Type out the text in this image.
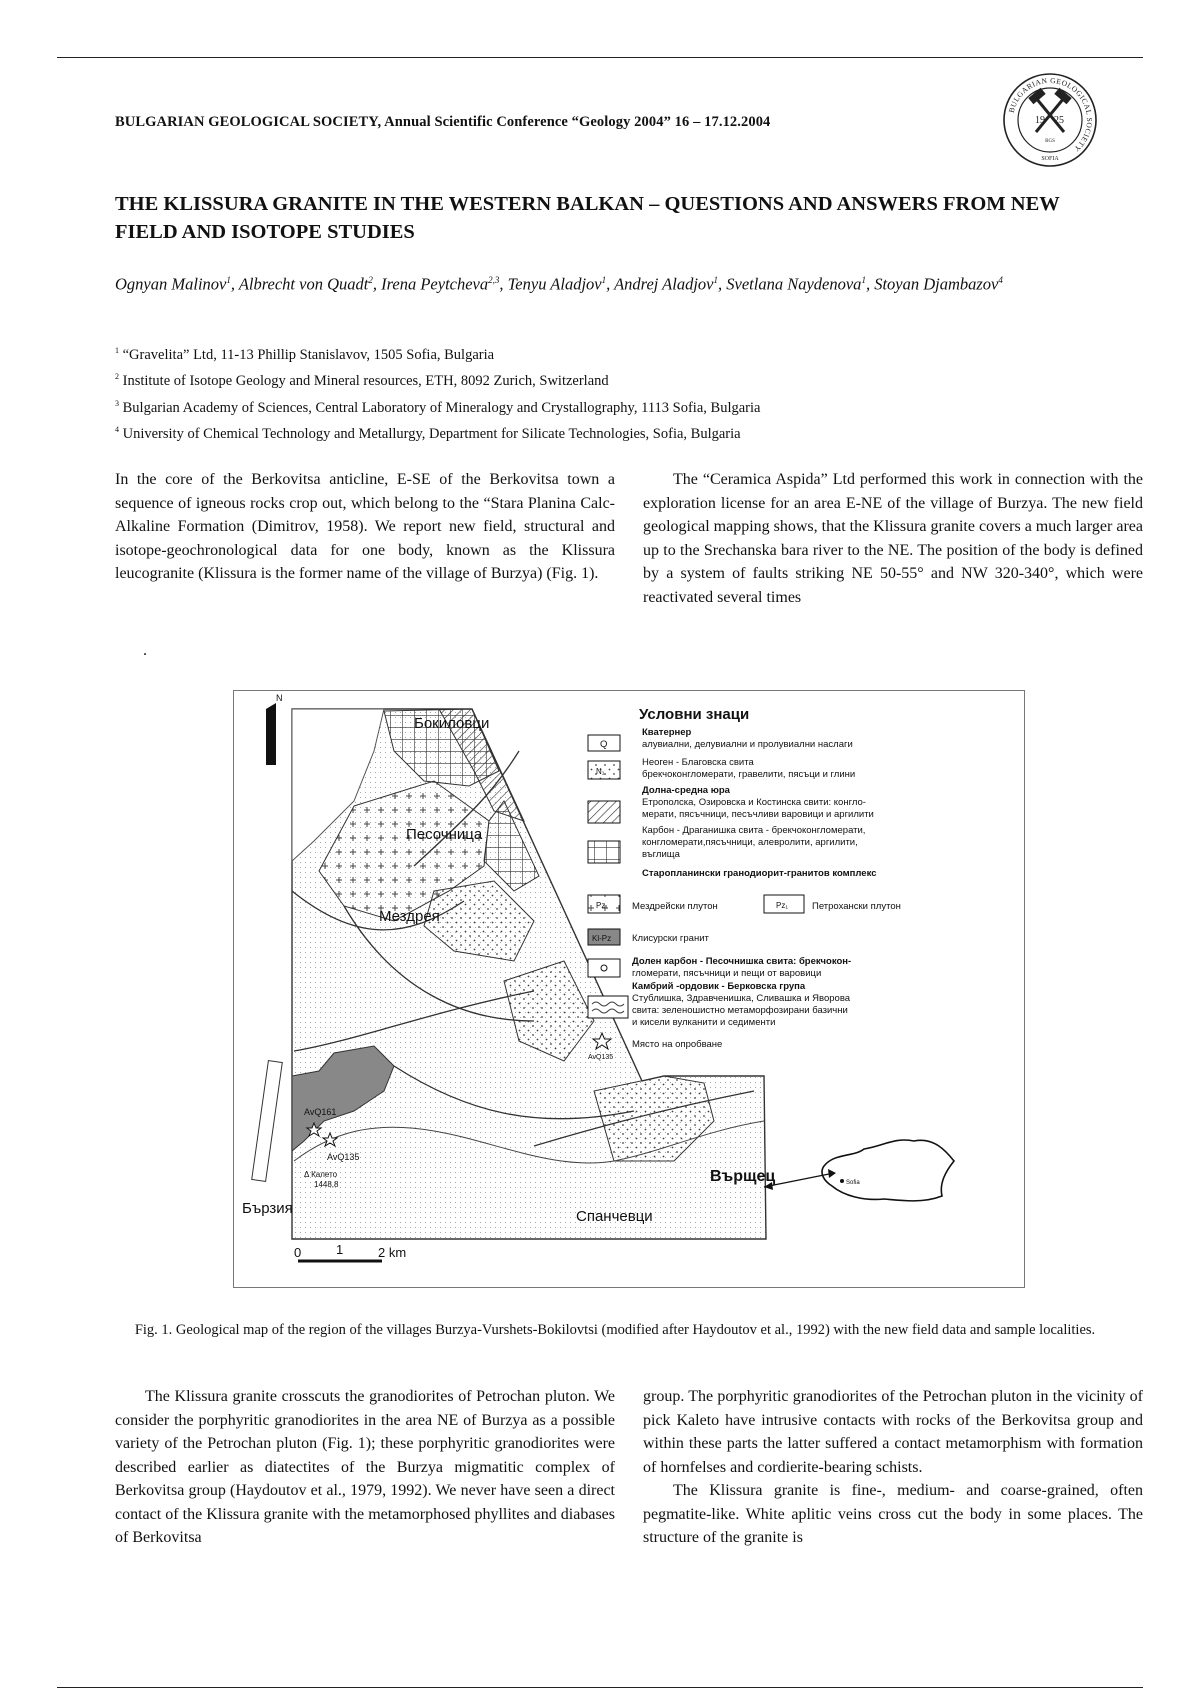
BULGARIAN GEOLOGICAL SOCIETY, Annual Scientific Conference “Geology 2004” 16 – 17.12.2004
BULGARIAN GEOLOGICAL SOCIETY
19 25
BGS
SOFIA
THE KLISSURA GRANITE IN THE WESTERN BALKAN – QUESTIONS AND ANSWERS FROM NEW FIELD AND ISOTOPE STUDIES
Ognyan Malinov$^1$, Albrecht von Quadt$^2$, Irena Peytcheva$^{2,3}$, Tenyu Aladjov$^1$, Andrej Aladjov$^1$, Svetlana Naydenova$^1$, Stoyan Djambazov$^4$
$^1$ “Gravelita” Ltd, 11-13 Phillip Stanislavov, 1505 Sofia, Bulgaria
$^2$ Institute of Isotope Geology and Mineral resources, ETH, 8092 Zurich, Switzerland
$^3$ Bulgarian Academy of Sciences, Central Laboratory of Mineralogy and Crystallography, 1113 Sofia, Bulgaria
$^4$ University of Chemical Technology and Metallurgy, Department for Silicate Technologies, Sofia, Bulgaria

In the core of the Berkovitsa anticline, E-SE of the Berkovitsa town a sequence of igneous rocks crop out, which belong to the “Stara Planina Calc-Alkaline Formation (Dimitrov, 1958). We report new field, structural and isotope-geochronological data for one body, known as the Klissura leucogranite (Klissura is the former name of the village of Burzya) (Fig. 1).

The “Ceramica Aspida” Ltd performed this work in connection with the exploration license for an area E-NE of the village of Burzya. The new field geological mapping shows, that the Klissura granite covers a much larger area up to the Srechanska bara river to the NE. The position of the body is defined by a system of faults striking NE 50-55° and NW 320-340°, which were reactivated several times

.
N
Бокиловци
Песочница
Мездрея
Бързия	Спанчевци
Върщец
AvQ161
AvQ135
Δ Калето
1448,8
0	1	2 km
Sofia
Условни знаци
Q
Кватернер
алувиални, делувиални и пролувиални наслаги
N₁
Неоген - Благовска свита
брекчоконгломерати, гравелити, пясъци и глини
Долна-средна юра
Етрополска, Озировска и Костинска свити: конгло-
мерати, пясъчници, песъчливи варовици и аргилити
Карбон - Драганишка свита - брекчоконгломерати,
конгломерати,пясъчници, алевролити, аргилити,
въглища
Старопланински гранодиорит-гранитов комплекс
Pz₁	Мездрейски плутон	Pz₁	Петрохански плутон
Kl-Pz Клисурски гранит
Долен карбон - Песочнишка свита: брекчокон-
гломерати, пясъчници и пещи от варовици
Камбрий -ордовик - Берковска група
Стублишка, Здравченишка, Сливашка и Яворова
свита: зеленошистно метаморфозирани базични
и кисели вулканити и седименти
AvQ135
Място на опробване
Fig. 1. Geological map of the region of the villages Burzya-Vurshets-Bokilovtsi (modified after Haydoutov et al., 1992) with the new field data and sample localities.

The Klissura granite crosscuts the granodiorites of Petrochan pluton. We consider the porphyritic granodiorites in the area NE of Burzya as a possible variety of the Petrochan pluton (Fig. 1); these porphyritic granodiorites were described earlier as diatectites of the Burzya migmatitic complex of Berkovitsa group (Haydoutov et al., 1979, 1992). We never have seen a direct contact of the Klissura granite with the metamorphosed phyllites and diabases of Berkovitsa

group. The porphyritic granodiorites of the Petrochan pluton in the vicinity of pick Kaleto have intrusive contacts with rocks of the Berkovitsa group and within these parts the latter suffered a contact metamorphism with formation of hornfelses and cordierite-bearing schists.

The Klissura granite is fine-, medium- and coarse-grained, often pegmatite-like. White aplitic veins cross cut the body in some places. The structure of the granite is
